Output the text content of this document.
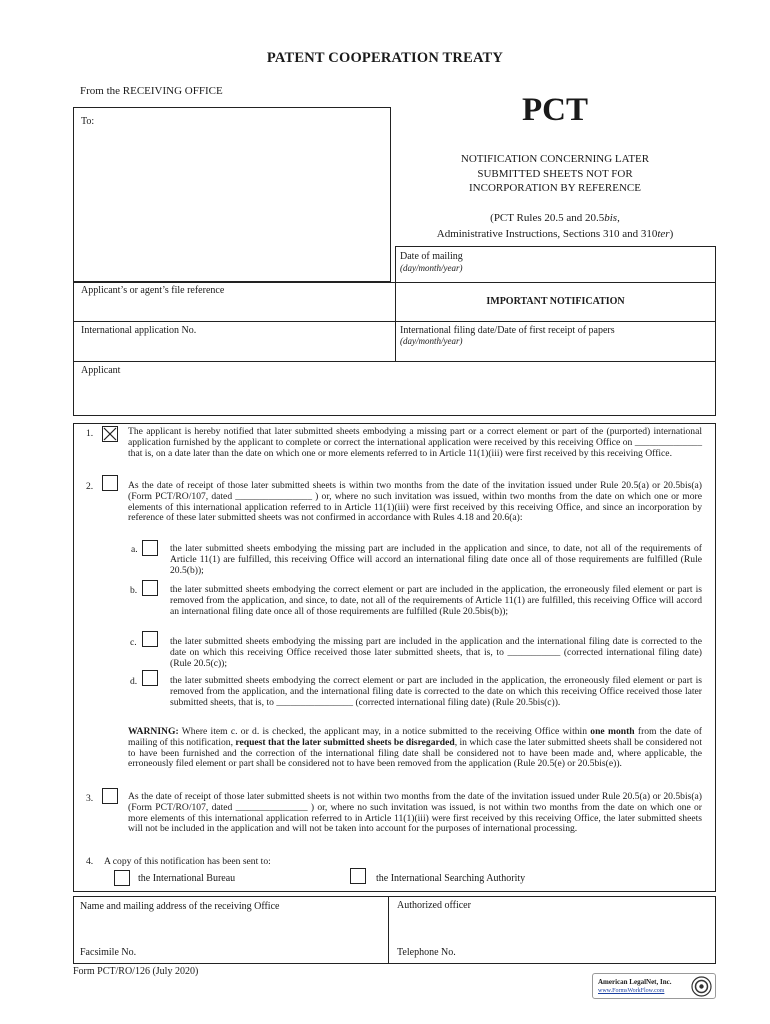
PATENT COOPERATION TREATY
From the RECEIVING OFFICE
To:	PCT
NOTIFICATION CONCERNING LATER
SUBMITTED SHEETS NOT FOR
INCORPORATION BY REFERENCE
(PCT Rules 20.5 and 20.5bis,
Administrative Instructions, Sections 310 and 310ter)
Date of mailing
(day/month/year)
Applicant’s or agent’s file reference
IMPORTANT NOTIFICATION
International application No.	International filing date/Date of first receipt of papers
(day/month/year)
Applicant
1.	The applicant is hereby notified that later submitted sheets embodying a missing part or a correct element or part of the (purported) international application furnished by the applicant to complete or correct the international application were received by this receiving Office on ______________ that is, on a date later than the date on which one or more elements referred to in Article 11(1)(iii) were first received by this receiving Office.
2.	As the date of receipt of those later submitted sheets is within two months from the date of the invitation issued under Rule 20.5(a) or 20.5bis(a) (Form PCT/RO/107, dated ________________ ) or, where no such invitation was issued, within two months from the date on which one or more elements of this international application referred to in Article 11(1)(iii) were first received by this receiving Office, and since an incorporation by reference of these later submitted sheets was not confirmed in accordance with Rules 4.18 and 20.6(a):
a.	the later submitted sheets embodying the missing part are included in the application and since, to date, not all of the requirements of Article 11(1) are fulfilled, this receiving Office will accord an international filing date once all of those requirements are fulfilled (Rule 20.5(b));
b.	the later submitted sheets embodying the correct element or part are included in the application, the erroneously filed element or part is removed from the application, and since, to date, not all of the requirements of Article 11(1) are fulfilled, this receiving Office will accord an international filing date once all of those requirements are fulfilled (Rule 20.5bis(b));
c.	the later submitted sheets embodying the missing part are included in the application and the international filing date is corrected to the date on which this receiving Office received those later submitted sheets, that is, to ___________ (corrected international filing date) (Rule 20.5(c));
d.	the later submitted sheets embodying the correct element or part are included in the application, the erroneously filed element or part is removed from the application, and the international filing date is corrected to the date on which this receiving Office received those later submitted sheets, that is, to ________________ (corrected international filing date) (Rule 20.5bis(c)).
WARNING: Where item c. or d. is checked, the applicant may, in a notice submitted to the receiving Office within one month from the date of mailing of this notification, request that the later submitted sheets be disregarded, in which case the later submitted sheets shall be considered not to have been furnished and the correction of the international filing date shall be considered not to have been made and, where applicable, the erroneously filed element or part shall be considered not to have been removed from the application (Rule 20.5(e) or 20.5bis(e)).
3.	As the date of receipt of those later submitted sheets is not within two months from the date of the invitation issued under Rule 20.5(a) or 20.5bis(a) (Form PCT/RO/107, dated _______________ ) or, where no such invitation was issued, is not within two months from the date on which one or more elements of this international application referred to in Article 11(1)(iii) were first received by this receiving Office, the later submitted sheets will not be included in the application and will not be taken into account for the purposes of international processing.
4. A copy of this notification has been sent to:
the International Bureau	the International Searching Authority
Name and mailing address of the receiving Office
Facsimile No.
Authorized officer
Telephone No.
Form PCT/RO/126 (July 2020)
American LegalNet, Inc.
www.FormsWorkFlow.com
